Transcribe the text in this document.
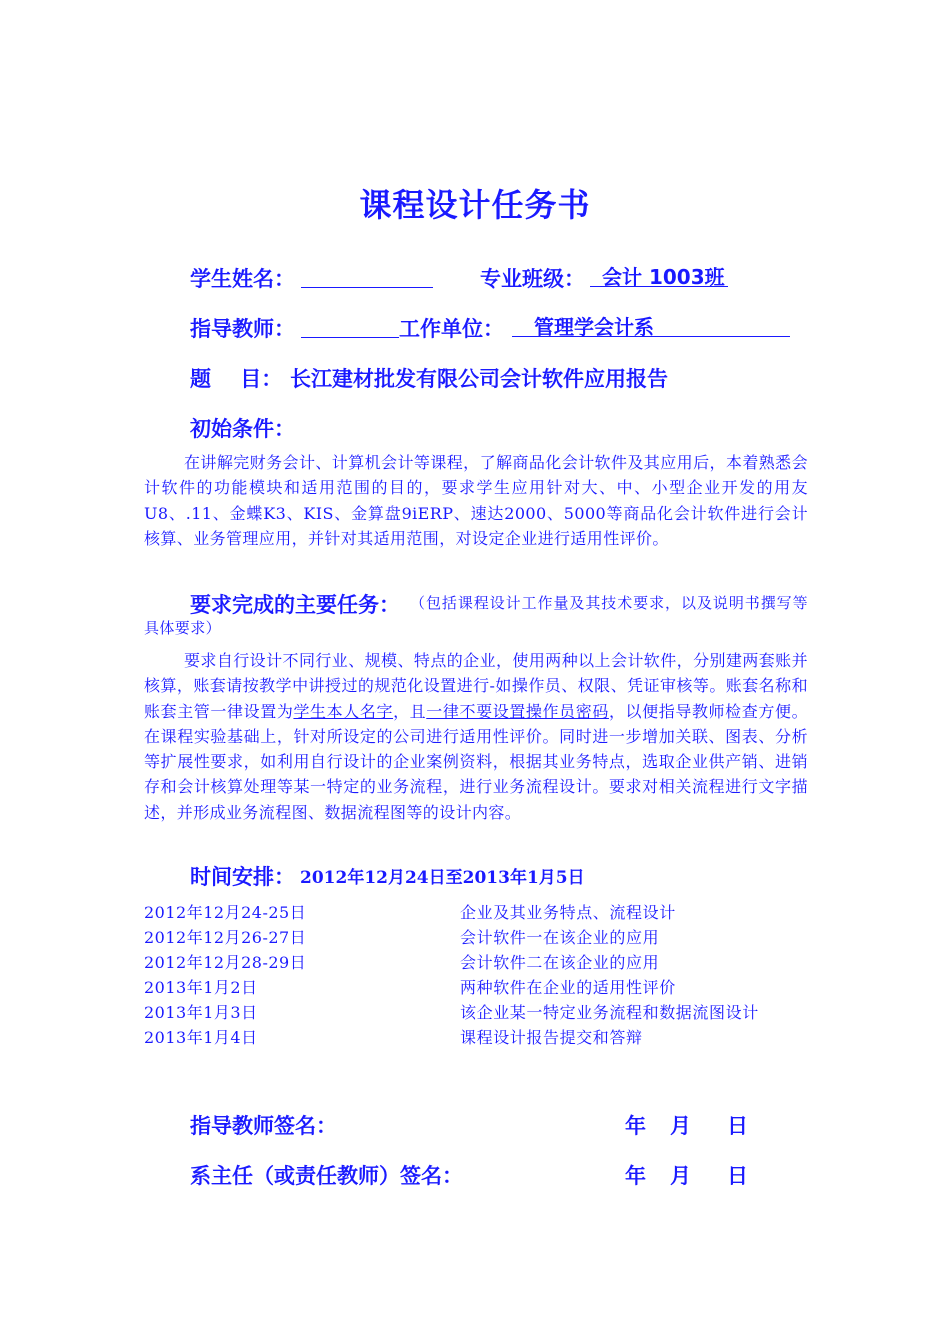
课程设计任务书
学生姓名：	专业班级： 会计 1003班
指导教师：	工作单位：	管理学会计系
题    目： 长江建材批发有限公司会计软件应用报告
初始条件：
在讲解完财务会计、计算机会计等课程，了解商品化会计软件及其应用后，本着熟悉会计软件的功能模块和适用范围的目的，要求学生应用针对大、中、小型企业开发的用友U8、.11、金蝶K3、KIS、金算盘9iERP、速达2000、5000等商品化会计软件进行会计核算、业务管理应用，并针对其适用范围，对设定企业进行适用性评价。
要求完成的主要任务： （包括课程设计工作量及其技术要求，以及说明书撰写等具体要求）
要求自行设计不同行业、规模、特点的企业，使用两种以上会计软件，分别建两套账并核算，账套请按教学中讲授过的规范化设置进行-如操作员、权限、凭证审核等。账套名称和账套主管一律设置为学生本人名字，且一律不要设置操作员密码，以便指导教师检查方便。在课程实验基础上，针对所设定的公司进行适用性评价。同时进一步增加关联、图表、分析等扩展性要求，如利用自行设计的企业案例资料，根据其业务特点，选取企业供产销、进销存和会计核算处理等某一特定的业务流程，进行业务流程设计。要求对相关流程进行文字描述，并形成业务流程图、数据流程图等的设计内容。
时间安排： 2012年12月24日至2013年1月5日
2012年12月24-25日	企业及其业务特点、流程设计
2012年12月26-27日	会计软件一在该企业的应用
2012年12月28-29日	会计软件二在该企业的应用
2013年1月2日	两种软件在企业的适用性评价
2013年1月3日	该企业某一特定业务流程和数据流图设计
2013年1月4日	课程设计报告提交和答辩
指导教师签名：	年 月 日
系主任（或责任教师）签名：	年 月 日
